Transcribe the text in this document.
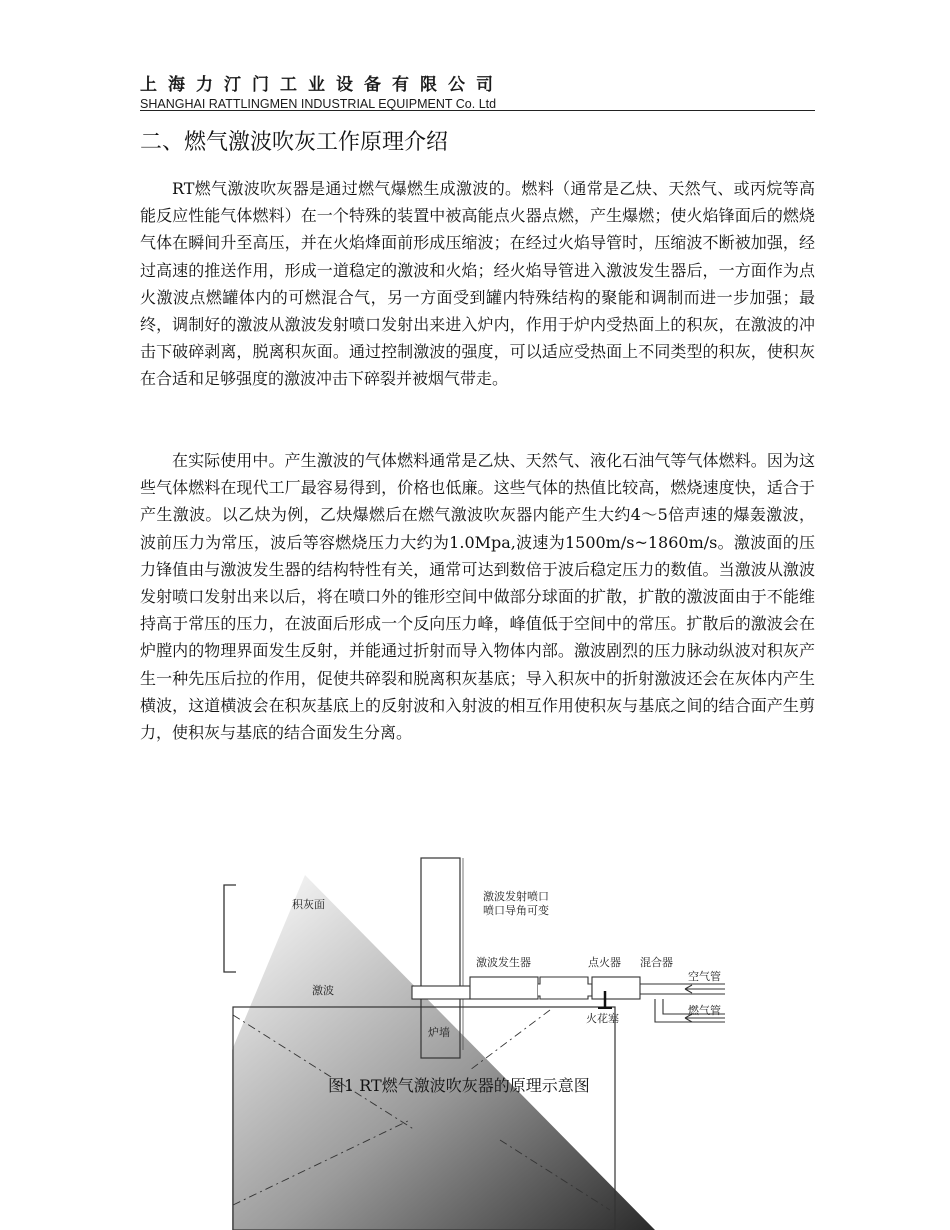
上海力汀门工业设备有限公司
SHANGHAI RATTLINGMEN INDUSTRIAL EQUIPMENT Co. Ltd
二、燃气激波吹灰工作原理介绍

RT燃气激波吹灰器是通过燃气爆燃生成激波的。燃料（通常是乙炔、天然气、或丙烷等高能反应性能气体燃料）在一个特殊的装置中被高能点火器点燃，产生爆燃；使火焰锋面后的燃烧气体在瞬间升至高压，并在火焰烽面前形成压缩波；在经过火焰导管时，压缩波不断被加强，经过高速的推送作用，形成一道稳定的激波和火焰；经火焰导管进入激波发生器后，一方面作为点火激波点燃罐体内的可燃混合气，另一方面受到罐内特殊结构的聚能和调制而进一步加强；最终，调制好的激波从激波发射喷口发射出来进入炉内，作用于炉内受热面上的积灰，在激波的冲击下破碎剥离，脱离积灰面。通过控制激波的强度，可以适应受热面上不同类型的积灰，使积灰在合适和足够强度的激波冲击下碎裂并被烟气带走。

在实际使用中。产生激波的气体燃料通常是乙炔、天然气、液化石油气等气体燃料。因为这些气体燃料在现代工厂最容易得到，价格也低廉。这些气体的热值比较高，燃烧速度快，适合于产生激波。以乙炔为例，乙炔爆燃后在燃气激波吹灰器内能产生大约4～5倍声速的爆轰激波，波前压力为常压，波后等容燃烧压力大约为1.0Mpa,波速为1500m/s~1860m/s。激波面的压力锋值由与激波发生器的结构特性有关，通常可达到数倍于波后稳定压力的数值。当激波从激波发射喷口发射出来以后，将在喷口外的锥形空间中做部分球面的扩散，扩散的激波面由于不能维持高于常压的压力，在波面后形成一个反向压力峰，峰值低于空间中的常压。扩散后的激波会在炉膛内的物理界面发生反射，并能通过折射而导入物体内部。激波剧烈的压力脉动纵波对积灰产生一种先压后拉的作用，促使共碎裂和脱离积灰基底；导入积灰中的折射激波还会在灰体内产生横波，这道横波会在积灰基底上的反射波和入射波的相互作用使积灰与基底之间的结合面产生剪力，使积灰与基底的结合面发生分离。

积灰面
激波发射喷口
喷口导角可变
激波发生器	点火器 混合器
空气管
激波
火花塞
燃气管
炉墙
图1 RT燃气激波吹灰器的原理示意图
